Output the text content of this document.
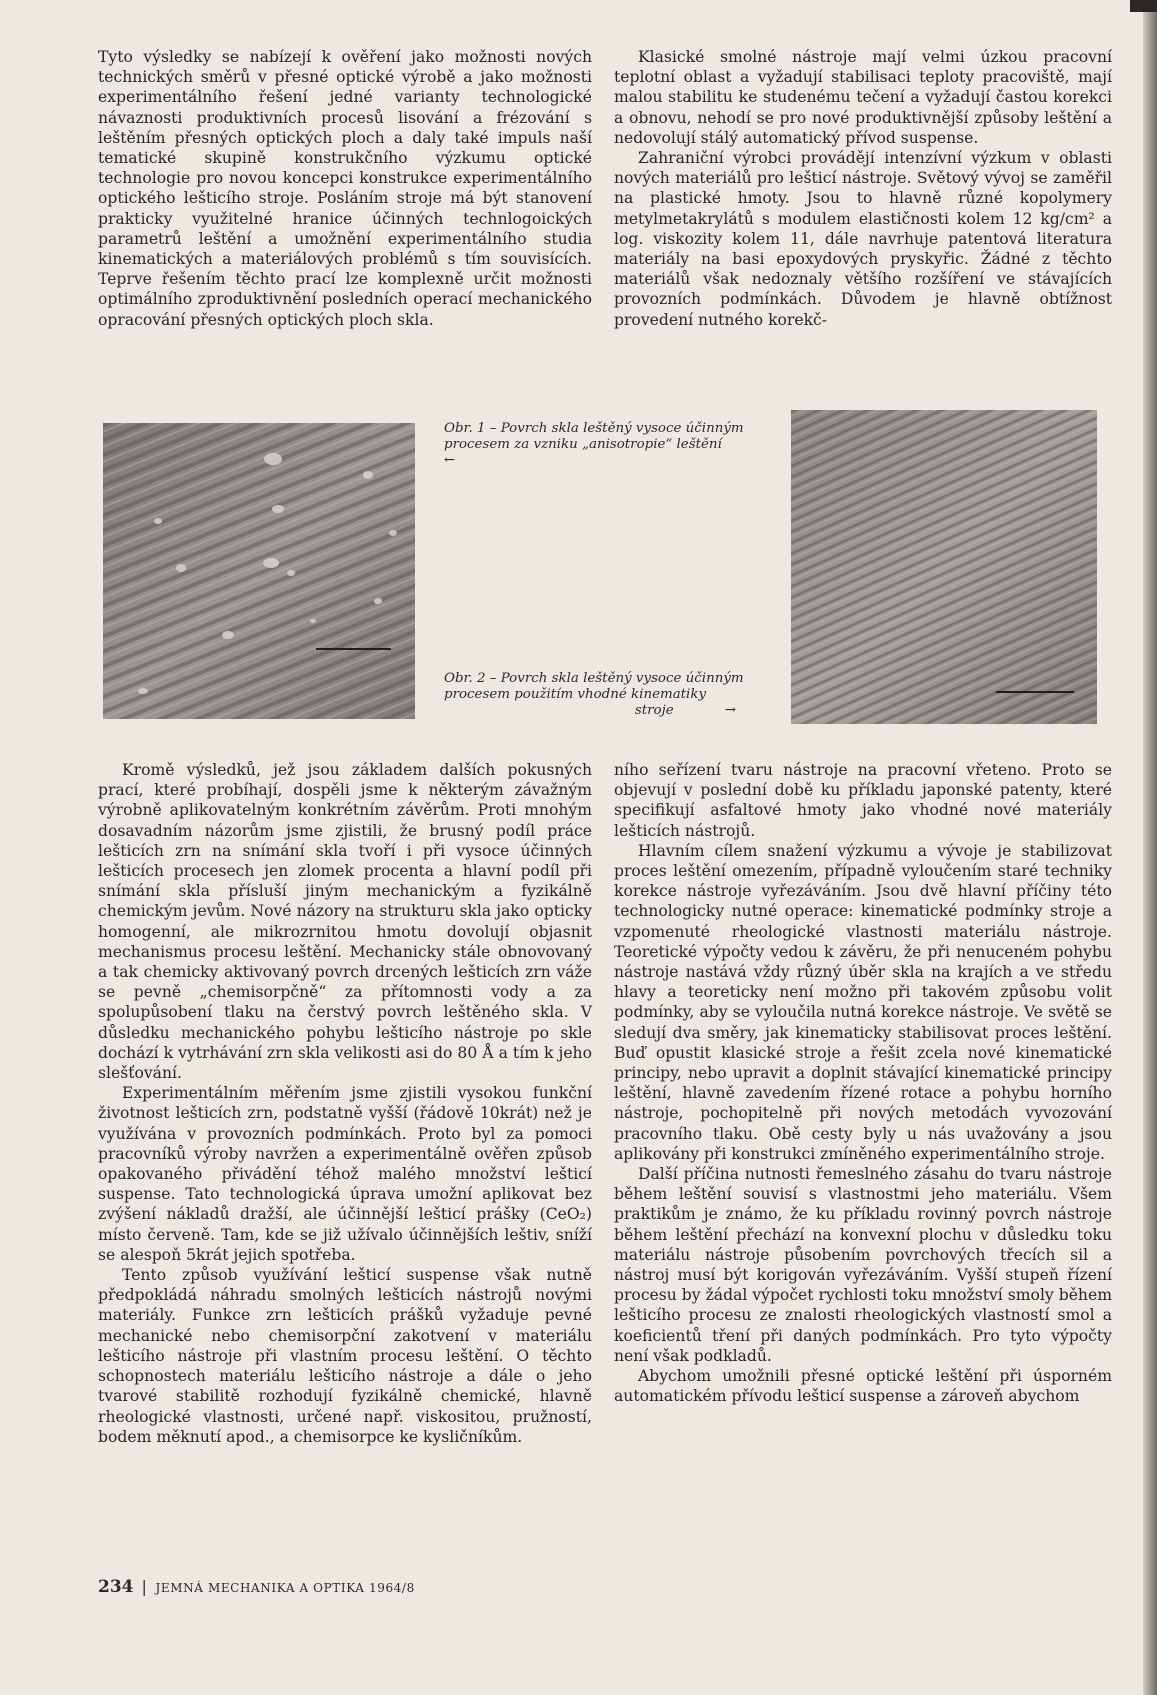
Tyto výsledky se nabízejí k ověření jako možnosti nových technických směrů v přesné optické výrobě a jako možnosti experimentálního řešení jedné varianty technologické návaznosti produktivních procesů lisování a frézování s leštěním přesných optických ploch a daly také impuls naší tematické skupině konstrukčního výzkumu optické technologie pro novou koncepci konstrukce experimentálního optického lešticího stroje. Posláním stroje má být stanovení prakticky využitelné hranice účinných technlogoických parametrů leštění a umožnění experimentálního studia kinematických a materiálových problémů s tím souvisících. Teprve řešením těchto prací lze komplexně určit možnosti optimálního zproduktivnění posledních operací mechanického opracování přesných optických ploch skla.

Klasické smolné nástroje mají velmi úzkou pracovní teplotní oblast a vyžadují stabilisaci teploty pracoviště, mají malou stabilitu ke studenému tečení a vyžadují častou korekci a obnovu, nehodí se pro nové produktivnější způsoby leštění a nedovolují stálý automatický přívod suspense.

Zahraniční výrobci provádějí intenzívní výzkum v oblasti nových materiálů pro lešticí nástroje. Světový vývoj se zaměřil na plastické hmoty. Jsou to hlavně různé kopolymery metylmetakrylátů s modulem elastičnosti kolem 12 kg/cm² a log. viskozity kolem 11, dále navrhuje patentová literatura materiály na basi epoxydových pryskyřic. Žádné z těchto materiálů však nedoznaly většího rozšíření ve stávajících provozních podmínkách. Důvodem je hlavně obtížnost provedení nutného korekč-

Obr. 1 – Povrch skla leštěný vysoce účinným
procesem za vzniku „anisotropie“ leštění
←
Obr. 2 – Povrch skla leštěný vysoce účinným
procesem použitím vhodné kinematiky

stroje	→

Kromě výsledků, jež jsou základem dalších pokusných prací, které probíhají, dospěli jsme k některým závažným výrobně aplikovatelným konkrétním závěrům. Proti mnohým dosavadním názorům jsme zjistili, že brusný podíl práce lešticích zrn na snímání skla tvoří i při vysoce účinných lešticích procesech jen zlomek procenta a hlavní podíl při snímání skla přísluší jiným mechanickým a fyzikálně chemickým jevům. Nové názory na strukturu skla jako opticky homogenní, ale mikrozrnitou hmotu dovolují objasnit mechanismus procesu leštění. Mechanicky stále obnovovaný a tak chemicky aktivovaný povrch drcených lešticích zrn váže se pevně „chemisorpčně“ za přítomnosti vody a za spolupůsobení tlaku na čerstvý povrch leštěného skla. V důsledku mechanického pohybu lešticího nástroje po skle dochází k vytrhávání zrn skla velikosti asi do 80 Å a tím k jeho slešťování.

Experimentálním měřením jsme zjistili vysokou funkční životnost lešticích zrn, podstatně vyšší (řádově 10krát) než je využívána v provozních podmínkách. Proto byl za pomoci pracovníků výroby navržen a experimentálně ověřen způsob opakovaného přivádění téhož malého množství lešticí suspense. Tato technologická úprava umožní aplikovat bez zvýšení nákladů dražší, ale účinnější lešticí prášky (CeO₂) místo červeně. Tam, kde se již užívalo účinnějších leštiv, sníží se alespoň 5krát jejich spotřeba.

Tento způsob využívání lešticí suspense však nutně předpokládá náhradu smolných lešticích nástrojů novými materiály. Funkce zrn lešticích prášků vyžaduje pevné mechanické nebo chemisorpční zakotvení v materiálu lešticího nástroje při vlastním procesu leštění. O těchto schopnostech materiálu lešticího nástroje a dále o jeho tvarové stabilitě rozhodují fyzikálně chemické, hlavně rheologické vlastnosti, určené např. viskositou, pružností, bodem měknutí apod., a chemisorpce ke kysličníkům.

ního seřízení tvaru nástroje na pracovní vřeteno. Proto se objevují v poslední době ku příkladu japonské patenty, které specifikují asfaltové hmoty jako vhodné nové materiály lešticích nástrojů.

Hlavním cílem snažení výzkumu a vývoje je stabilizovat proces leštění omezením, případně vyloučením staré techniky korekce nástroje vyřezáváním. Jsou dvě hlavní příčiny této technologicky nutné operace: kinematické podmínky stroje a vzpomenuté rheologické vlastnosti materiálu nástroje. Teoretické výpočty vedou k závěru, že při nenuceném pohybu nástroje nastává vždy různý úběr skla na krajích a ve středu hlavy a teoreticky není možno při takovém způsobu volit podmínky, aby se vyloučila nutná korekce nástroje. Ve světě se sledují dva směry, jak kinematicky stabilisovat proces leštění. Buď opustit klasické stroje a řešit zcela nové kinematické principy, nebo upravit a doplnit stávající kinematické principy leštění, hlavně zavedením řízené rotace a pohybu horního nástroje, pochopitelně při nových metodách vyvozování pracovního tlaku. Obě cesty byly u nás uvažovány a jsou aplikovány při konstrukci zmíněného experimentálního stroje.

Další příčina nutnosti řemeslného zásahu do tvaru nástroje během leštění souvisí s vlastnostmi jeho materiálu. Všem praktikům je známo, že ku příkladu rovinný povrch nástroje během leštění přechází na konvexní plochu v důsledku toku materiálu nástroje působením povrchových třecích sil a nástroj musí být korigován vyřezáváním. Vyšší stupeň řízení procesu by žádal výpočet rychlosti toku množství smoly během lešticího procesu ze znalosti rheologických vlastností smol a koeficientů tření při daných podmínkách. Pro tyto výpočty není však podkladů.

Abychom umožnili přesné optické leštění při úsporném automatickém přívodu lešticí suspense a zároveň abychom

234 | JEMNÁ MECHANIKA A OPTIKA 1964/8
